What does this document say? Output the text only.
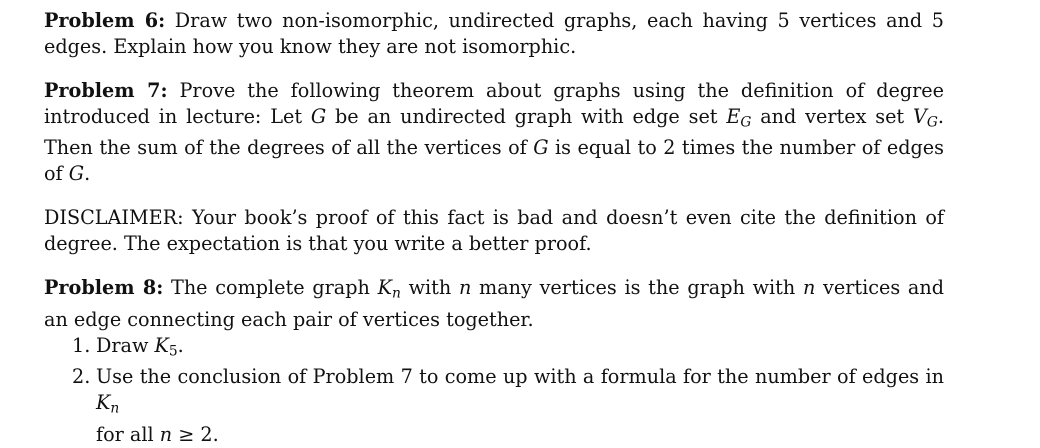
Problem 6: Draw two non-isomorphic, undirected graphs, each having 5 vertices and 5 edges. Explain how you know they are not isomorphic.

Problem 7: Prove the following theorem about graphs using the definition of degree introduced in lecture: Let G be an undirected graph with edge set $E_G$ and vertex set $V_G$. Then the sum of the degrees of all the vertices of G is equal to 2 times the number of edges of G.

DISCLAIMER: Your book’s proof of this fact is bad and doesn’t even cite the definition of degree. The expectation is that you write a better proof.

Problem 8: The complete graph $K_n$ with n many vertices is the graph with n vertices and an edge connecting each pair of vertices together.
1. Draw K5.
2. Use the conclusion of Problem 7 to come up with a formula for the number of edges in $K_n$
for all n ≥ 2.
